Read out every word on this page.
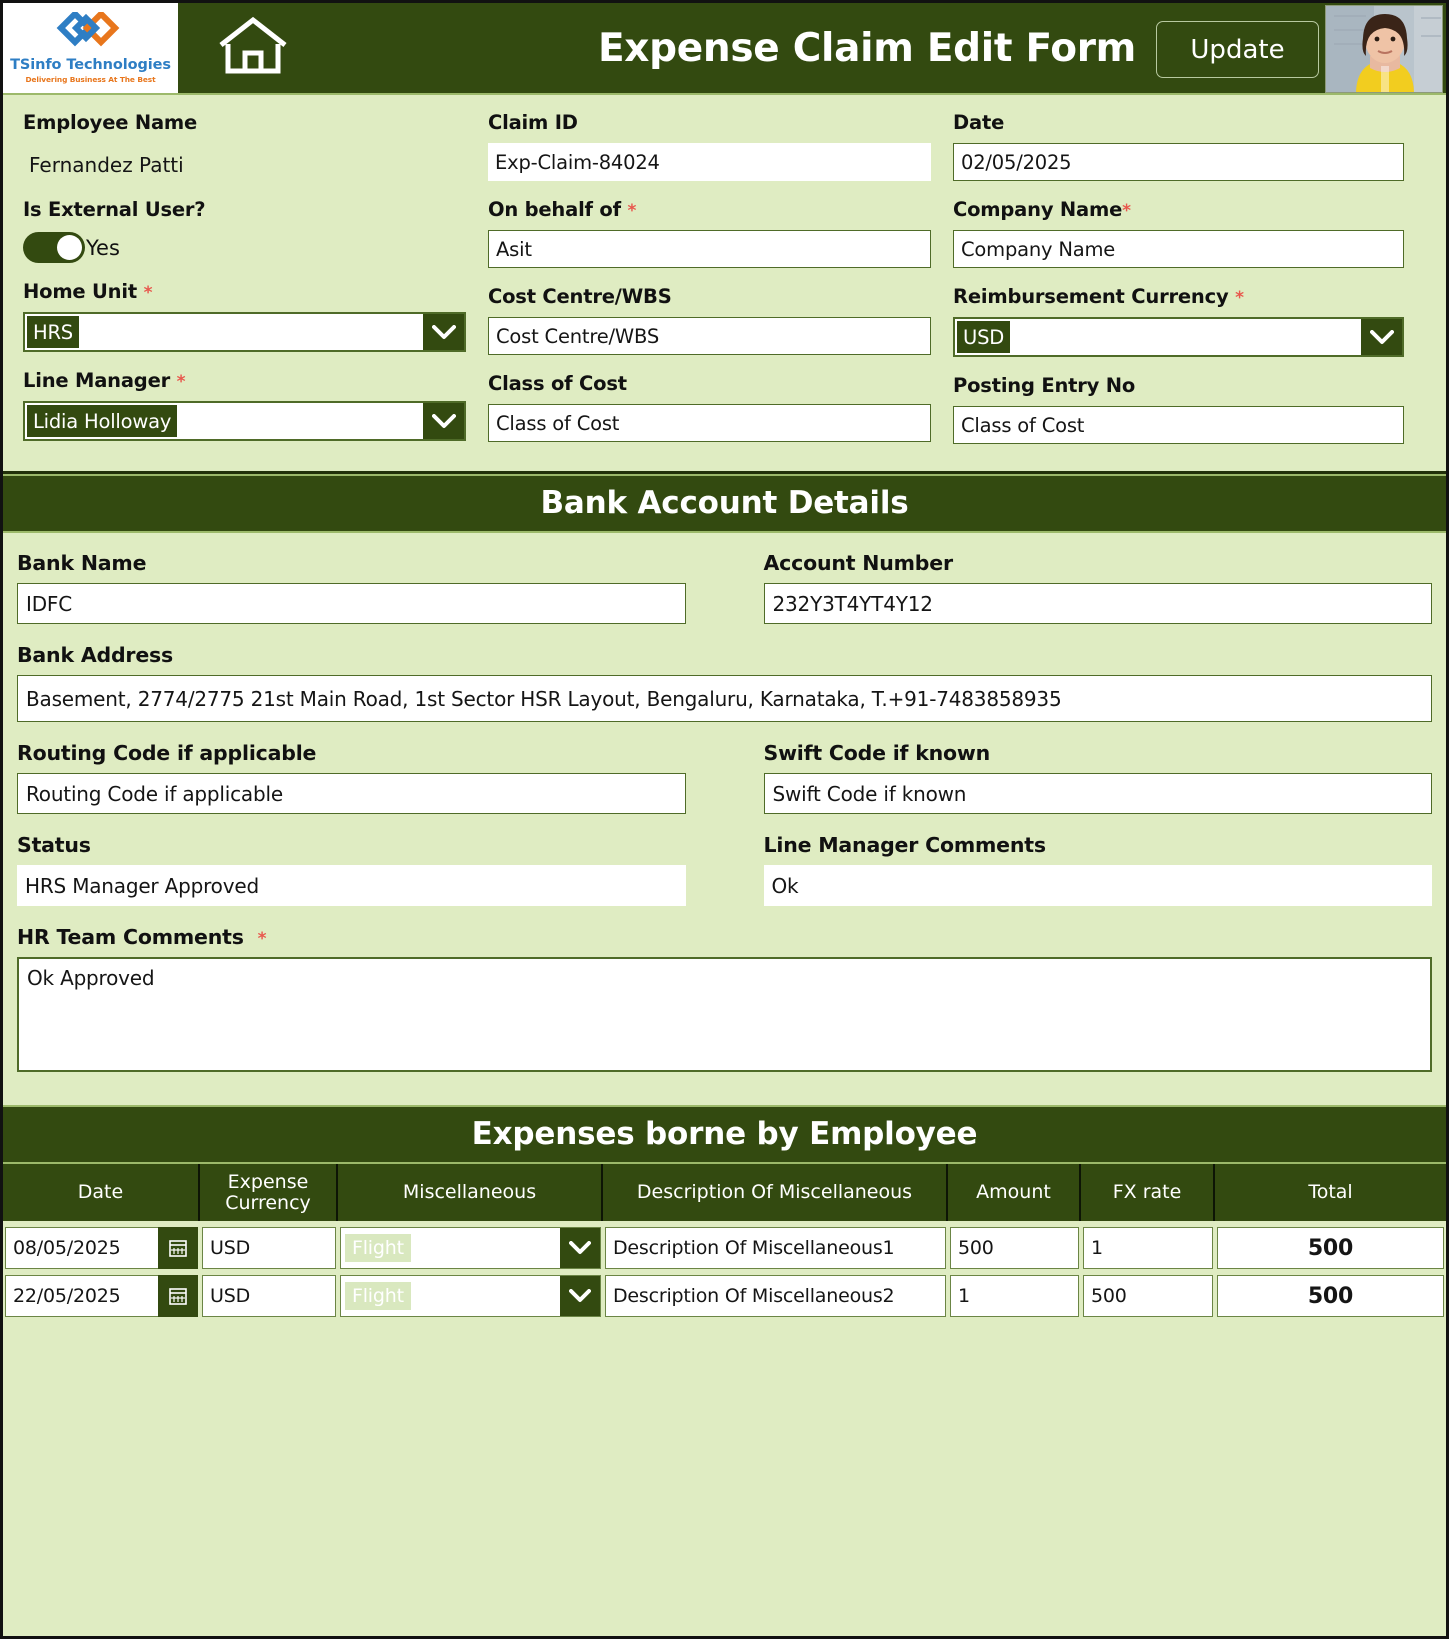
TSinfo Technologies
Delivering Business At The Best
Expense Claim Edit Form	Update
Employee Name
Fernandez Patti
Is External User?
Yes
Home Unit *
HRS
Line Manager *
Lidia Holloway
Claim ID
Exp-Claim-84024
On behalf of *
Asit
Cost Centre/WBS
Cost Centre/WBS
Class of Cost
Class of Cost
Date
02/05/2025
Company Name*
Company Name
Reimbursement Currency *
USD
Posting Entry No
Class of Cost
Bank Account Details
Bank Name
IDFC
Account Number
232Y3T4YT4Y12
Bank Address
Basement, 2774/2775 21st Main Road, 1st Sector HSR Layout, Bengaluru, Karnataka, T.+91-7483858935
Routing Code if applicable
Routing Code if applicable
Swift Code if known
Swift Code if known
Status
HRS Manager Approved
Line Manager Comments
Ok
HR Team Comments *
Ok Approved
Expenses borne by Employee
Date	Expense Currency	Miscellaneous	Description Of Miscellaneous	Amount	FX rate	Total
08/05/2025	USD	Flight	Description Of Miscellaneous1	500	1	500
22/05/2025	USD	Flight	Description Of Miscellaneous2	1	500	500
